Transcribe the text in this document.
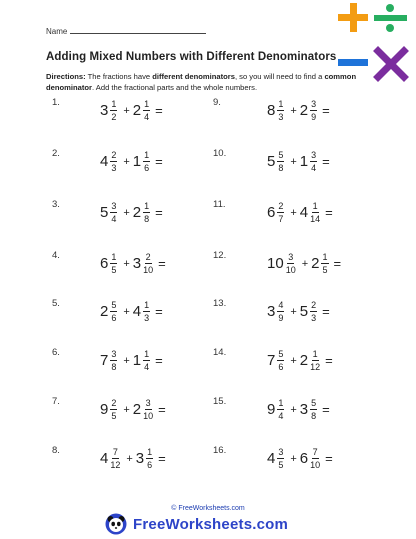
Name
Adding Mixed Numbers with Different Denominators
Directions: The fractions have different denominators, so you will need to find a common denominator. Add the fractional parts and the whole numbers.
1.	$3 \frac{1}{2} + 2 \frac{1}{4}$ =
2.	$4 \frac{2}{3} + 1 \frac{1}{6}$ =
3.	$5 \frac{3}{4} + 2 \frac{1}{8}$ =
4.	$6 \frac{1}{5} + 3 \frac{2}{10}$ =
5.	$2 \frac{5}{6} + 4 \frac{1}{3}$ =
6.	$7 \frac{3}{8} + 1 \frac{1}{4}$ =
7.	$9 \frac{2}{5} + 2 \frac{3}{10}$ =
8.	$4 \frac{7}{12} + 3 \frac{1}{6}$ =
9.	$8 \frac{1}{3} + 2 \frac{3}{9}$ =
10.	$5 \frac{5}{8} + 1 \frac{3}{4}$ =
11.	$6 \frac{2}{7} + 4 \frac{1}{14}$ =
12.	$10 \frac{3}{10} + 2 \frac{1}{5}$ =
13.	$3 \frac{4}{9} + 5 \frac{2}{3}$ =
14.	$7 \frac{5}{6} + 2 \frac{1}{12}$ =
15.	$9 \frac{1}{4} + 3 \frac{5}{8}$ =
16.	$4 \frac{3}{5} + 6 \frac{7}{10}$ =
© FreeWorksheets.com
FreeWorksheets.com
